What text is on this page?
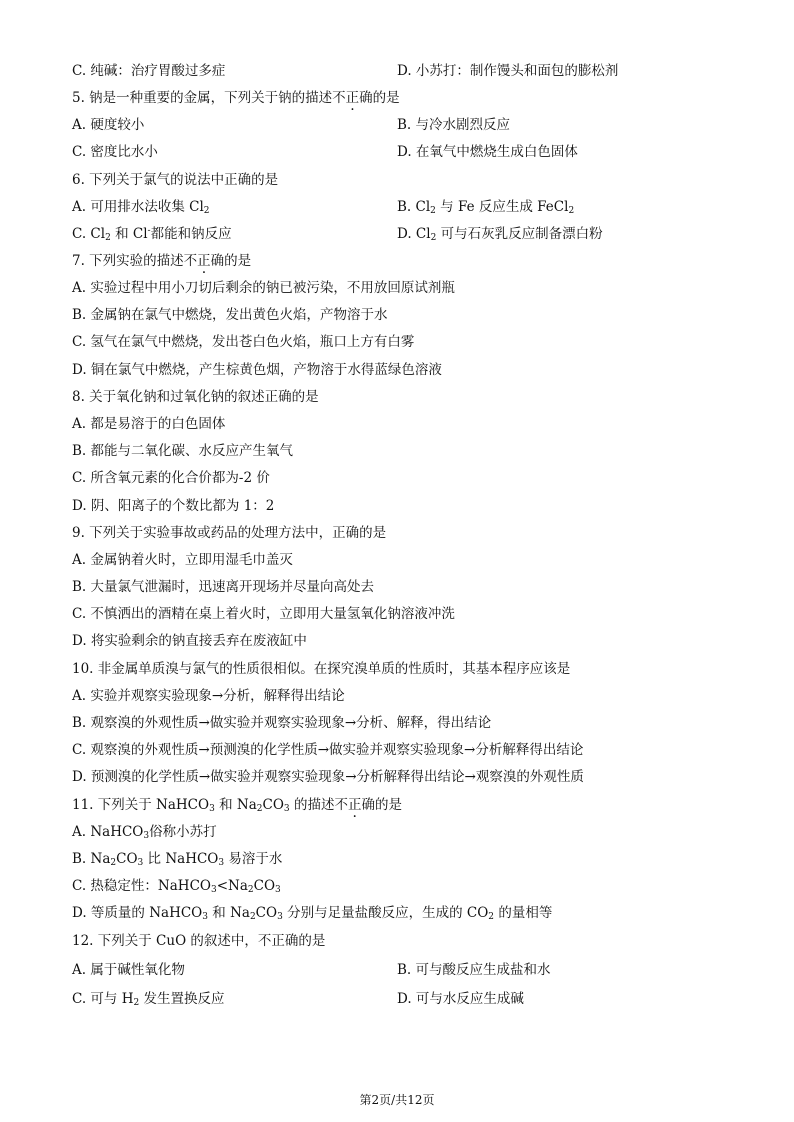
C. 纯碱：治疗胃酸过多症	D. 小苏打：制作馒头和面包的膨松剂
5. 钠是一种重要的金属，下列关于钠的描述不正确的是
A. 硬度较小	B. 与冷水剧烈反应
C. 密度比水小	D. 在氧气中燃烧生成白色固体
6. 下列关于氯气的说法中正确的是
A. 可用排水法收集 $Cl_2$	B. $Cl_2$ 与 Fe 反应生成 FeCl$_2$
C. $Cl_2$ 和 Cl-都能和钠反应	D. $Cl_2$ 可与石灰乳反应制备漂白粉
7. 下列实验的描述不正确的是
A. 实验过程中用小刀切后剩余的钠已被污染，不用放回原试剂瓶
B. 金属钠在氯气中燃烧，发出黄色火焰，产物溶于水
C. 氢气在氯气中燃烧，发出苍白色火焰，瓶口上方有白雾
D. 铜在氯气中燃烧，产生棕黄色烟，产物溶于水得蓝绿色溶液
8. 关于氧化钠和过氧化钠的叙述正确的是
A. 都是易溶于的白色固体
B. 都能与二氧化碳、水反应产生氧气
C. 所含氧元素的化合价都为-2 价
D. 阴、阳离子的个数比都为 1：2
9. 下列关于实验事故或药品的处理方法中，正确的是
A. 金属钠着火时，立即用湿毛巾盖灭
B. 大量氯气泄漏时，迅速离开现场并尽量向高处去
C. 不慎洒出的酒精在桌上着火时，立即用大量氢氧化钠溶液冲洗
D. 将实验剩余的钠直接丢弃在废液缸中
10. 非金属单质溴与氯气的性质很相似。在探究溴单质的性质时，其基本程序应该是
A. 实验并观察实验现象→分析，解释得出结论
B. 观察溴的外观性质→做实验并观察实验现象→分析、解释，得出结论
C. 观察溴的外观性质→预测溴的化学性质→做实验并观察实验现象→分析解释得出结论
D. 预测溴的化学性质→做实验并观察实验现象→分析解释得出结论→观察溴的外观性质
11. 下列关于 NaHCO$_3$ 和 $Na_2CO_3$ 的描述不正确的是
A. NaHCO$_3$俗称小苏打
B. $Na_2CO_3$ 比 NaHCO$_3$ 易溶于水
C. 热稳定性：$NaHCO_3<Na_2CO_3$
D. 等质量的 NaHCO$_3$ 和 $Na_2CO_3$ 分别与足量盐酸反应，生成的 $CO_2$ 的量相等
12. 下列关于 CuO 的叙述中，不正确的是
A. 属于碱性氧化物	B. 可与酸反应生成盐和水
C. 可与 $H_2$ 发生置换反应	D. 可与水反应生成碱
第2页/共12页
